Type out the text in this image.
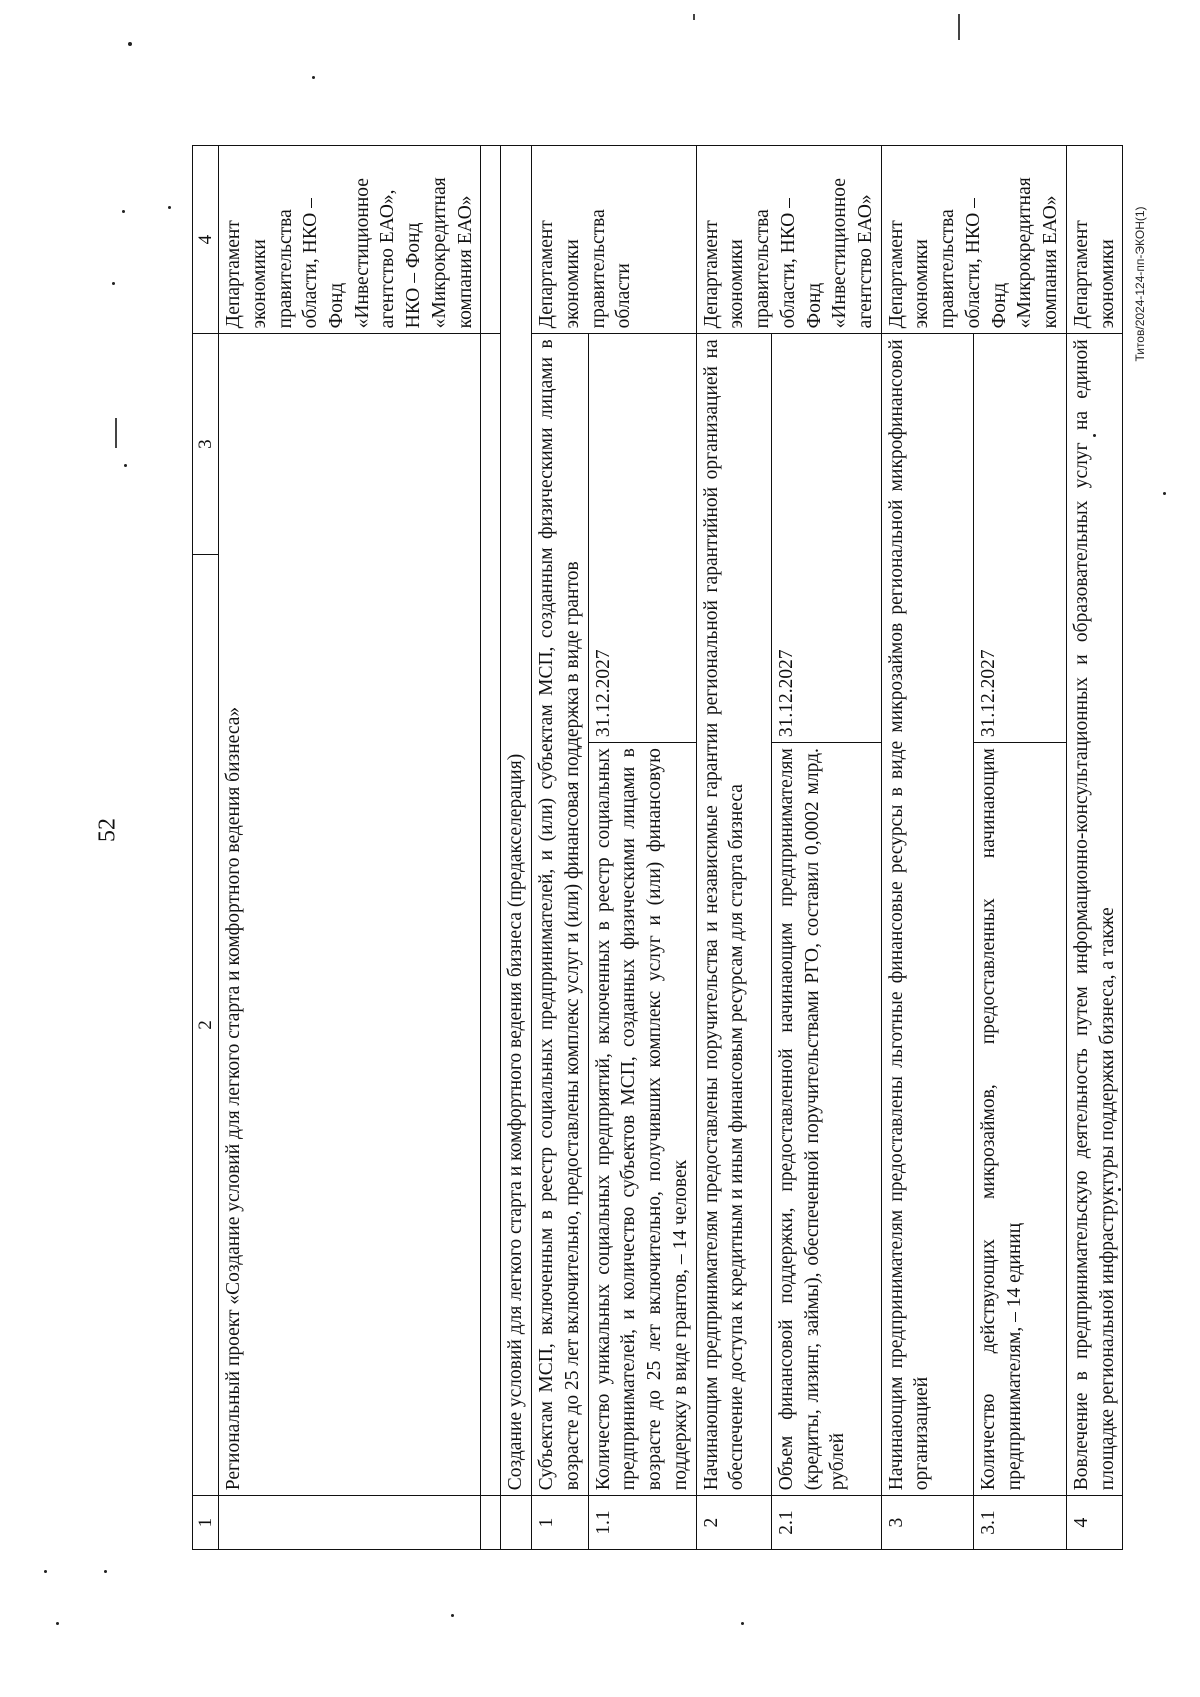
52
Титов/2024-124-пп-ЭКОН(1)
1	2		3	4
	Региональный проект «Создание условий для легкого старта и комфортного ведения бизнеса»			Департамент экономики правительства области, НКО – Фонд «Инвестиционное агентство ЕАО», НКО – Фонд «Микрокредитная компания ЕАО»

	Создание условий для легкого старта и комфортного ведения бизнеса (предакселерация)			
1	Субъектам МСП, включенным в реестр социальных предпринимателей, и (или) субъектам МСП, созданным физическими лицами в возрасте до 25 лет включительно, предоставлены комплекс услуг и (или) финансовая поддержка в виде грантов			Департамент экономики правительства области
1.1	Количество уникальных социальных предприятий, включенных в реестр социальных предпринимателей, и количество субъектов МСП, созданных физическими лицами в возрасте до 25 лет включительно, получивших комплекс услуг и (или) финансовую поддержку в виде грантов, – 14 человек	31.12.2027		
2	Начинающим предпринимателям предоставлены поручительства и независимые гарантии региональной гарантийной организацией на обеспечение доступа к кредитным и иным финансовым ресурсам для старта бизнеса			Департамент экономики правительства области, НКО – Фонд «Инвестиционное агентство ЕАО»
2.1	Объем финансовой поддержки, предоставленной начинающим предпринимателям (кредиты, лизинг, займы), обеспеченной поручительствами РГО, составил 0,0002 млрд. рублей	31.12.2027		
3	Начинающим предпринимателям предоставлены льготные финансовые ресурсы в виде микрозаймов региональной микрофинансовой организацией			Департамент экономики правительства области, НКО – Фонд «Микрокредитная компания ЕАО»
3.1	Количество действующих микрозаймов, предоставленных начинающим предпринимателям, – 14 единиц	31.12.2027		
4	Вовлечение в предпринимательскую деятельность путем информационно-консультационных и образовательных услуг на единой площадке региональной инфраструктуры поддержки бизнеса, а также			Департамент экономики
